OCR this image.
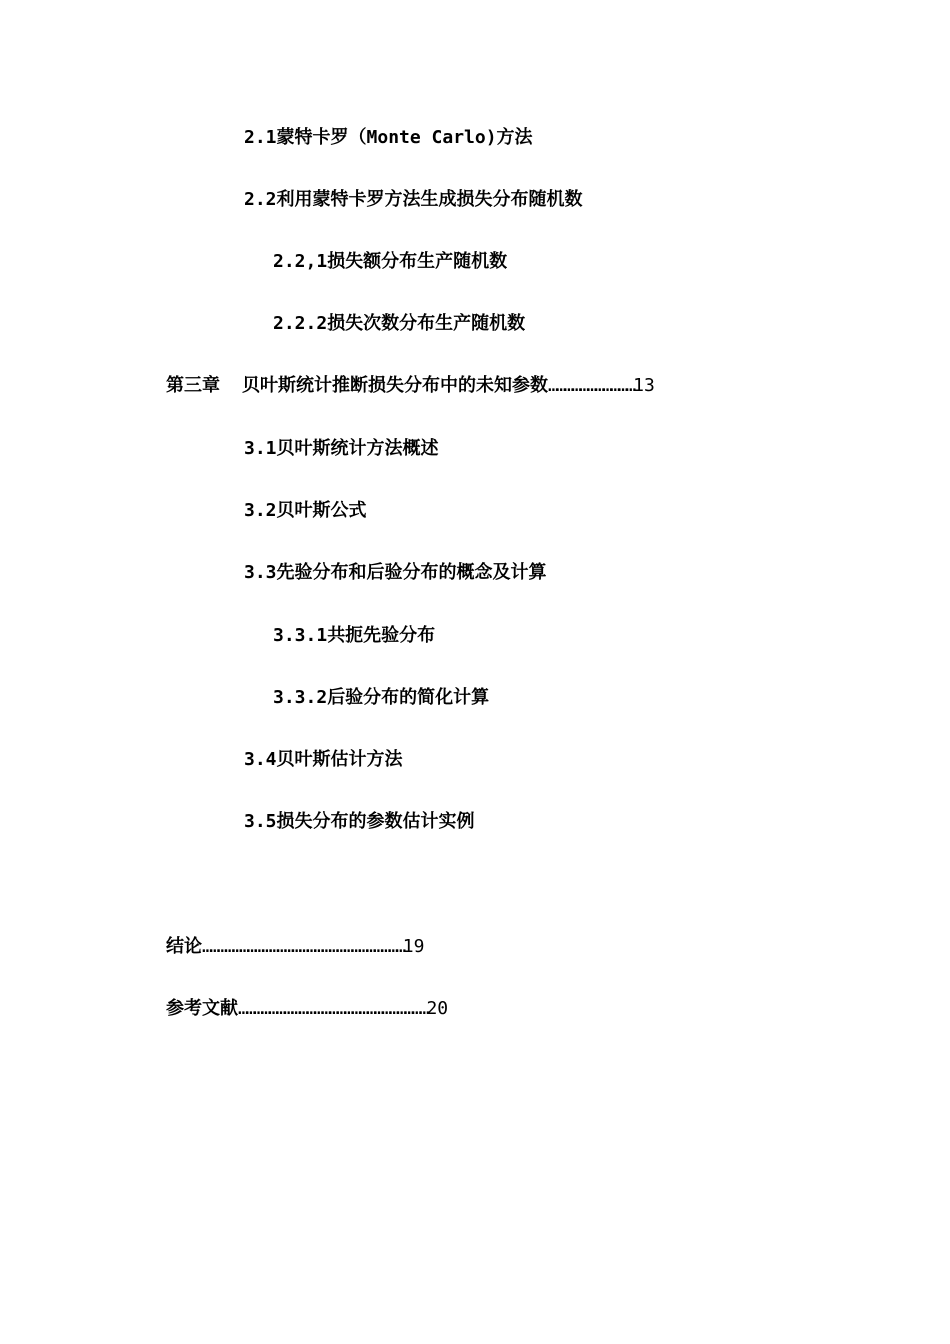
2.1蒙特卡罗（Monte Carlo)方法
2.2利用蒙特卡罗方法生成损失分布随机数
2.2,1损失额分布生产随机数
2.2.2损失次数分布生产随机数
第三章 贝叶斯统计推断损失分布中的未知参数……………………………13
3.1贝叶斯统计方法概述
3.2贝叶斯公式
3.3先验分布和后验分布的概念及计算
3.3.1共扼先验分布
3.3.2后验分布的简化计算
3.4贝叶斯估计方法
3.5损失分布的参数估计实例
结论………………………………………………………………………19
参考文献…………………………………………………………………20
